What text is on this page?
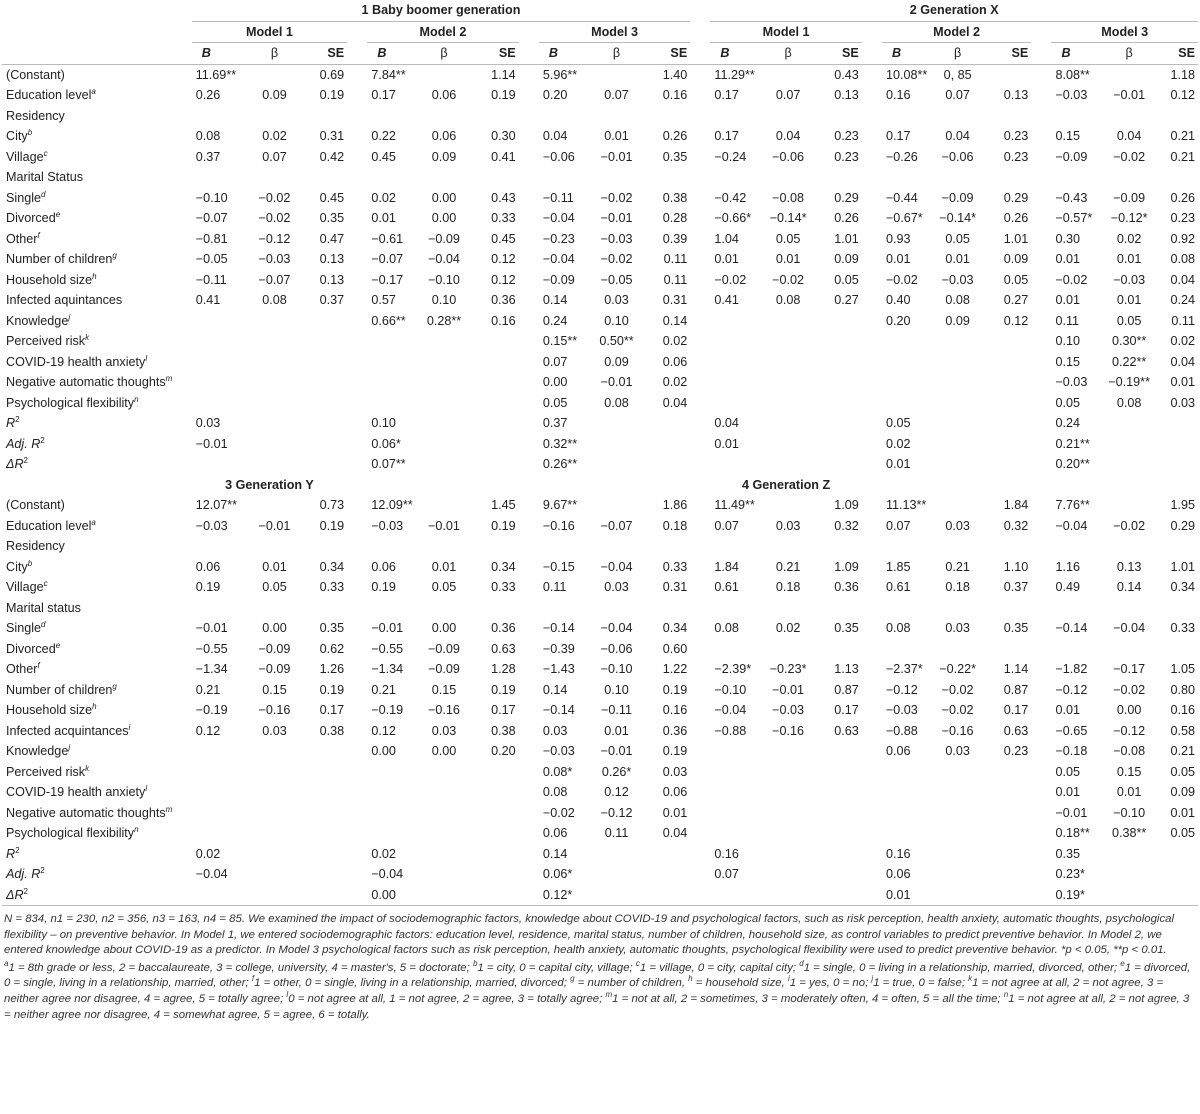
	1 Baby boomer generation												2 Generation X										
	Model 1				Model 2				Model 3				Model 1				Model 2				Model 3		
	B	β	SE		B	β	SE		B	β	SE		B	β	SE		B	β	SE		B	β	SE
(Constant)	11.69**		0.69		7.84**		1.14		5.96**		1.40		11.29**		0.43		10.08**	0, 85			8.08**		1.18
Education level$^a$	0.26	0.09	0.19		0.17	0.06	0.19		0.20	0.07	0.16		0.17	0.07	0.13		0.16	0.07	0.13		−0.03	−0.01	0.12
Residency																							
City$^b$	0.08	0.02	0.31		0.22	0.06	0.30		0.04	0.01	0.26		0.17	0.04	0.23		0.17	0.04	0.23		0.15	0.04	0.21
Village$^c$	0.37	0.07	0.42		0.45	0.09	0.41		−0.06	−0.01	0.35		−0.24	−0.06	0.23		−0.26	−0.06	0.23		−0.09	−0.02	0.21
Marital Status																							
Single$^d$	−0.10	−0.02	0.45		0.02	0.00	0.43		−0.11	−0.02	0.38		−0.42	−0.08	0.29		−0.44	−0.09	0.29		−0.43	−0.09	0.26
Divorced$^e$	−0.07	−0.02	0.35		0.01	0.00	0.33		−0.04	−0.01	0.28		−0.66*	−0.14*	0.26		−0.67*	−0.14*	0.26		−0.57*	−0.12*	0.23
Other$^f$	−0.81	−0.12	0.47		−0.61	−0.09	0.45		−0.23	−0.03	0.39		1.04	0.05	1.01		0.93	0.05	1.01		0.30	0.02	0.92
Number of children$^g$	−0.05	−0.03	0.13		−0.07	−0.04	0.12		−0.04	−0.02	0.11		0.01	0.01	0.09		0.01	0.01	0.09		0.01	0.01	0.08
Household size$^h$	−0.11	−0.07	0.13		−0.17	−0.10	0.12		−0.09	−0.05	0.11		−0.02	−0.02	0.05		−0.02	−0.03	0.05		−0.02	−0.03	0.04
Infected aquintances	0.41	0.08	0.37		0.57	0.10	0.36		0.14	0.03	0.31		0.41	0.08	0.27		0.40	0.08	0.27		0.01	0.01	0.24
Knowledge$^j$					0.66**	0.28**	0.16		0.24	0.10	0.14						0.20	0.09	0.12		0.11	0.05	0.11
Perceived risk$^k$									0.15**	0.50**	0.02										0.10	0.30**	0.02
COVID-19 health anxiety$^l$									0.07	0.09	0.06										0.15	0.22**	0.04
Negative automatic thoughts$^m$									0.00	−0.01	0.02										−0.03	−0.19**	0.01
Psychological flexibility$^n$									0.05	0.08	0.04										0.05	0.08	0.03
$R^2$	0.03				0.10				0.37				0.04				0.05				0.24		
Adj. $R^2$	−0.01				0.06*				0.32**				0.01				0.02				0.21**		
$\Delta R^2$					0.07**				0.26**								0.01				0.20**		
	3 Generation Y												4 Generation Z										
(Constant)	12.07**		0.73		12.09**		1.45		9.67**		1.86		11.49**		1.09		11.13**		1.84		7.76**		1.95
Education level$^a$	−0.03	−0.01	0.19		−0.03	−0.01	0.19		−0.16	−0.07	0.18		0.07	0.03	0.32		0.07	0.03	0.32		−0.04	−0.02	0.29
Residency																							
City$^b$	0.06	0.01	0.34		0.06	0.01	0.34		−0.15	−0.04	0.33		1.84	0.21	1.09		1.85	0.21	1.10		1.16	0.13	1.01
Village$^c$	0.19	0.05	0.33		0.19	0.05	0.33		0.11	0.03	0.31		0.61	0.18	0.36		0.61	0.18	0.37		0.49	0.14	0.34
Marital status																							
Single$^d$	−0.01	0.00	0.35		−0.01	0.00	0.36		−0.14	−0.04	0.34		0.08	0.02	0.35		0.08	0.03	0.35		−0.14	−0.04	0.33
Divorced$^e$	−0.55	−0.09	0.62		−0.55	−0.09	0.63		−0.39	−0.06	0.60												
Other$^f$	−1.34	−0.09	1.26		−1.34	−0.09	1.28		−1.43	−0.10	1.22		−2.39*	−0.23*	1.13		−2.37*	−0.22*	1.14		−1.82	−0.17	1.05
Number of children$^g$	0.21	0.15	0.19		0.21	0.15	0.19		0.14	0.10	0.19		−0.10	−0.01	0.87		−0.12	−0.02	0.87		−0.12	−0.02	0.80
Household size$^h$	−0.19	−0.16	0.17		−0.19	−0.16	0.17		−0.14	−0.11	0.16		−0.04	−0.03	0.17		−0.03	−0.02	0.17		0.01	0.00	0.16
Infected acquintances$^i$	0.12	0.03	0.38		0.12	0.03	0.38		0.03	0.01	0.36		−0.88	−0.16	0.63		−0.88	−0.16	0.63		−0.65	−0.12	0.58
Knowledge$^j$					0.00	0.00	0.20		−0.03	−0.01	0.19						0.06	0.03	0.23		−0.18	−0.08	0.21
Perceived risk$^k$									0.08*	0.26*	0.03										0.05	0.15	0.05
COVID-19 health anxiety$^l$									0.08	0.12	0.06										0.01	0.01	0.09
Negative automatic thoughts$^m$									−0.02	−0.12	0.01										−0.01	−0.10	0.01
Psychological flexibility$^n$									0.06	0.11	0.04										0.18**	0.38**	0.05
$R^2$	0.02				0.02				0.14				0.16				0.16				0.35		
Adj. $R^2$	−0.04				−0.04				0.06*				0.07				0.06				0.23*		
$\Delta R^2$					0.00				0.12*								0.01				0.19*		

N = 834, n1 = 230, n2 = 356, n3 = 163, n4 = 85. We examined the impact of sociodemographic factors, knowledge about COVID-19 and psychological factors, such as risk perception, health anxiety, automatic thoughts, psychological flexibility – on preventive behavior. In Model 1, we entered sociodemographic factors: education level, residence, marital status, number of children, household size, as control variables to predict preventive behavior. In Model 2, we entered knowledge about COVID-19 as a predictor. In Model 3 psychological factors such as risk perception, health anxiety, automatic thoughts, psychological flexibility were used to predict preventive behavior. *p < 0.05, **p < 0.01.

$^a$1 = 8th grade or less, 2 = baccalaureate, 3 = college, university, 4 = master's, 5 = doctorate; $^b$1 = city, 0 = capital city, village; $^c$1 = village, 0 = city, capital city; $^d$1 = single, 0 = living in a relationship, married, divorced, other; $^e$1 = divorced, 0 = single, living in a relationship, married, other; $^f$1 = other, 0 = single, living in a relationship, married, divorced; $^g$ = number of children, $^h$ = household size, $^i$1 = yes, 0 = no; $^j$1 = true, 0 = false; $^k$1 = not agree at all, 2 = not agree, 3 = neither agree nor disagree, 4 = agree, 5 = totally agree; $^l$0 = not agree at all, 1 = not agree, 2 = agree, 3 = totally agree; $^m$1 = not at all, 2 = sometimes, 3 = moderately often, 4 = often, 5 = all the time; $^n$1 = not agree at all, 2 = not agree, 3 = neither agree nor disagree, 4 = somewhat agree, 5 = agree, 6 = totally.
